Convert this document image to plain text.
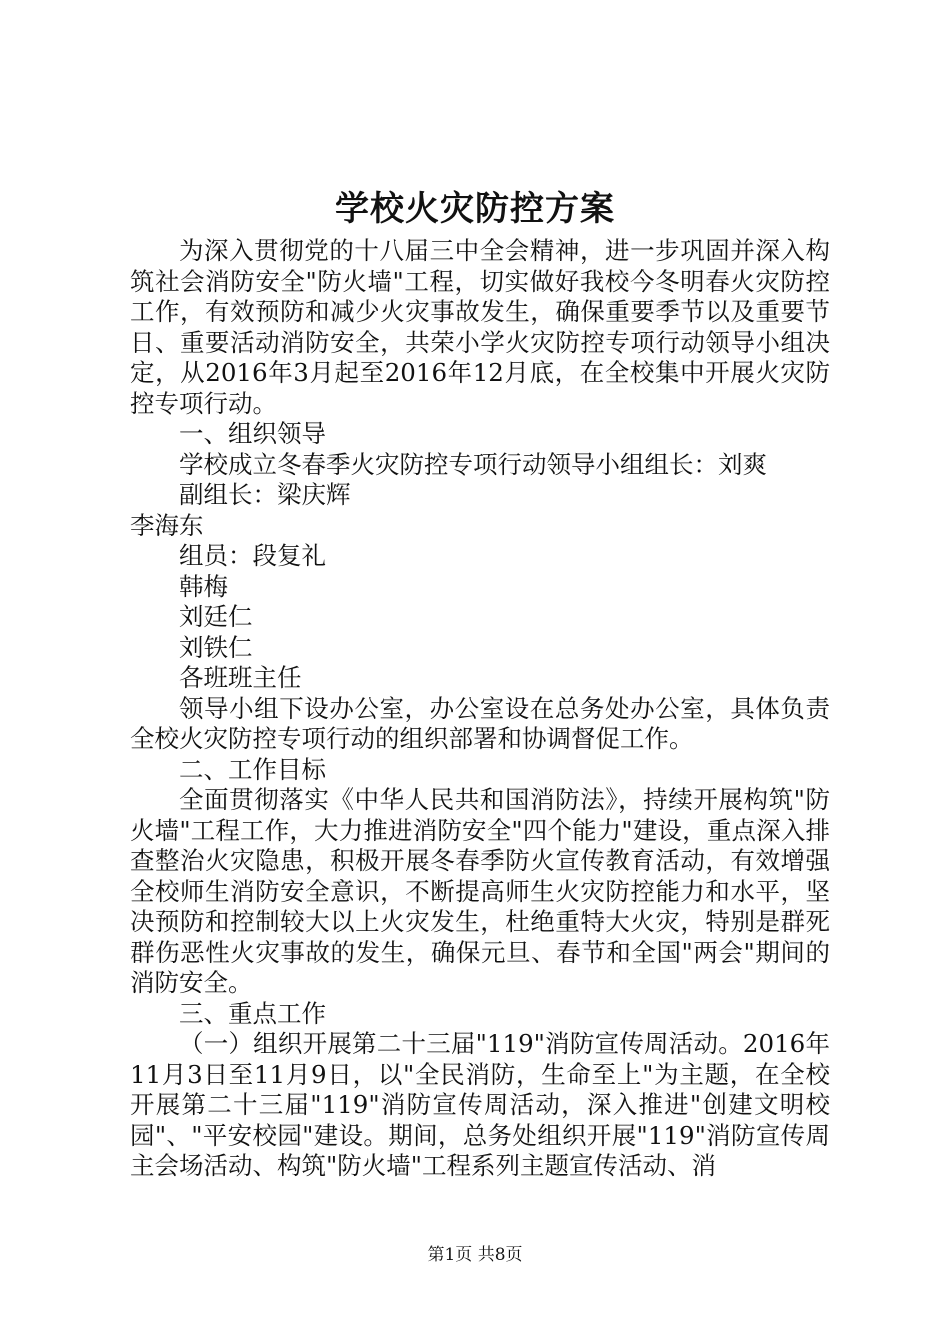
学校火灾防控方案

为深入贯彻党的十八届三中全会精神，进一步巩固并深入构筑社会消防安全"防火墙"工程，切实做好我校今冬明春火灾防控工作，有效预防和减少火灾事故发生，确保重要季节以及重要节日、重要活动消防安全，共荣小学火灾防控专项行动领导小组决定，从2016年3月起至2016年12月底，在全校集中开展火灾防控专项行动。

一、组织领导

学校成立冬春季火灾防控专项行动领导小组组长：刘爽

副组长：梁庆辉

李海东

组员：段复礼

韩梅

刘廷仁

刘铁仁

各班班主任

领导小组下设办公室，办公室设在总务处办公室，具体负责全校火灾防控专项行动的组织部署和协调督促工作。

二、工作目标

全面贯彻落实《中华人民共和国消防法》，持续开展构筑"防火墙"工程工作，大力推进消防安全"四个能力"建设，重点深入排查整治火灾隐患，积极开展冬春季防火宣传教育活动，有效增强全校师生消防安全意识，不断提高师生火灾防控能力和水平，坚决预防和控制较大以上火灾发生，杜绝重特大火灾，特别是群死群伤恶性火灾事故的发生，确保元旦、春节和全国"两会"期间的消防安全。

三、重点工作

（一）组织开展第二十三届"119"消防宣传周活动。2016年11月3日至11月9日，以"全民消防，生命至上"为主题，在全校开展第二十三届"119"消防宣传周活动，深入推进"创建文明校园"、"平安校园"建设。期间，总务处组织开展"119"消防宣传周主会场活动、构筑"防火墙"工程系列主题宣传活动、消

第1页 共8页
